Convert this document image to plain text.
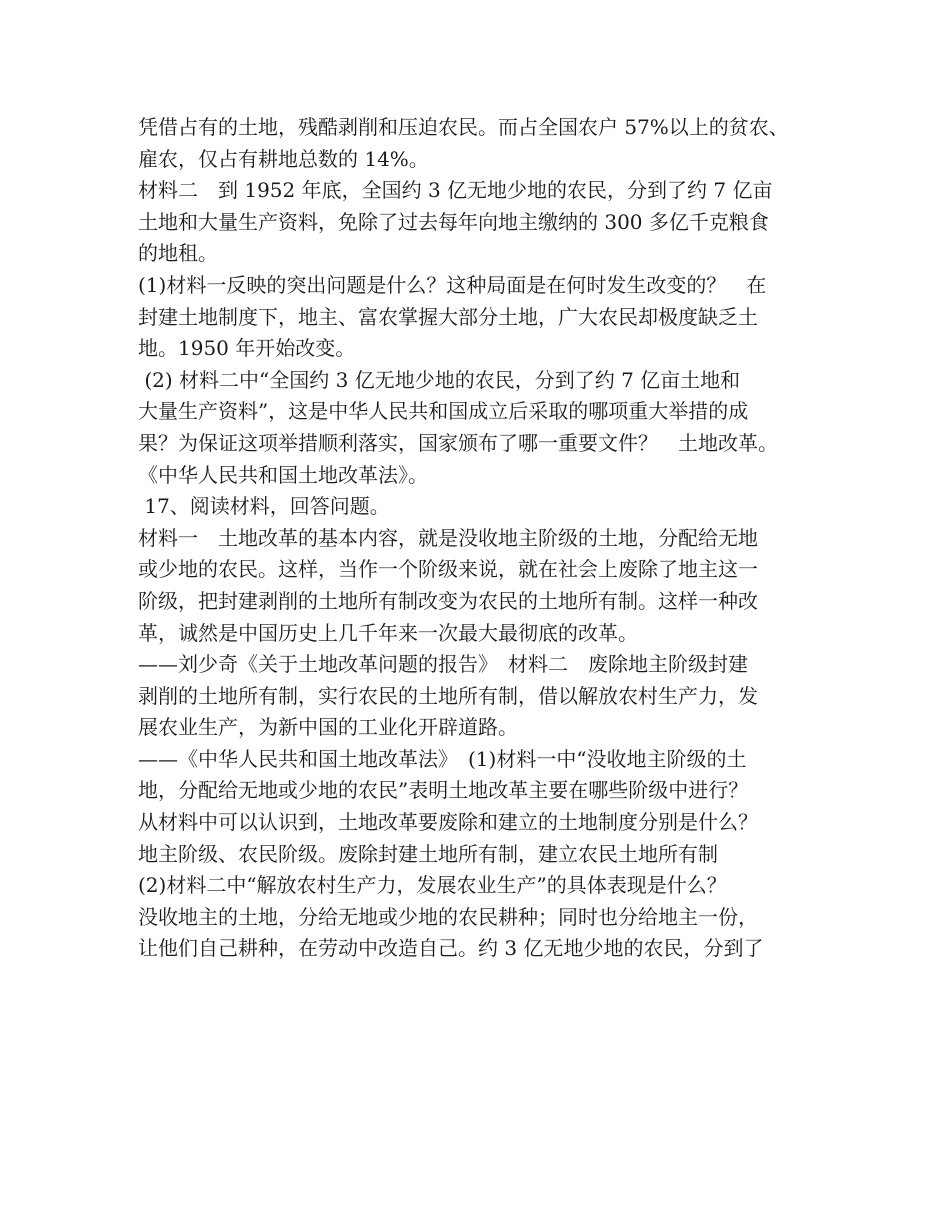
凭借占有的土地，残酷剥削和压迫农民。而占全国农户 57%以上的贫农、
雇农，仅占有耕地总数的 14%。
材料二　到 1952 年底，全国约 3 亿无地少地的农民，分到了约 7 亿亩
土地和大量生产资料，免除了过去每年向地主缴纳的 300 多亿千克粮食
的地租。
(1)材料一反映的突出问题是什么？这种局面是在何时发生改变的？　在
封建土地制度下，地主、富农掌握大部分土地，广大农民却极度缺乏土
地。1950 年开始改变。
(2) 材料二中“全国约 3 亿无地少地的农民，分到了约 7 亿亩土地和
大量生产资料”，这是中华人民共和国成立后采取的哪项重大举措的成
果？为保证这项举措顺利落实，国家颁布了哪一重要文件？　土地改革。
《中华人民共和国土地改革法》。
17、阅读材料，回答问题。
材料一　土地改革的基本内容，就是没收地主阶级的土地，分配给无地
或少地的农民。这样，当作一个阶级来说，就在社会上废除了地主这一
阶级，把封建剥削的土地所有制改变为农民的土地所有制。这样一种改
革，诚然是中国历史上几千年来一次最大最彻底的改革。
——刘少奇《关于土地改革问题的报告》　材料二　废除地主阶级封建
剥削的土地所有制，实行农民的土地所有制，借以解放农村生产力，发
展农业生产，为新中国的工业化开辟道路。
——《中华人民共和国土地改革法》　(1)材料一中“没收地主阶级的土
地，分配给无地或少地的农民”表明土地改革主要在哪些阶级中进行？
从材料中可以认识到，土地改革要废除和建立的土地制度分别是什么？
地主阶级、农民阶级。废除封建土地所有制，建立农民土地所有制
(2)材料二中“解放农村生产力，发展农业生产”的具体表现是什么？
没收地主的土地，分给无地或少地的农民耕种；同时也分给地主一份，
让他们自己耕种，在劳动中改造自己。约 3 亿无地少地的农民，分到了
